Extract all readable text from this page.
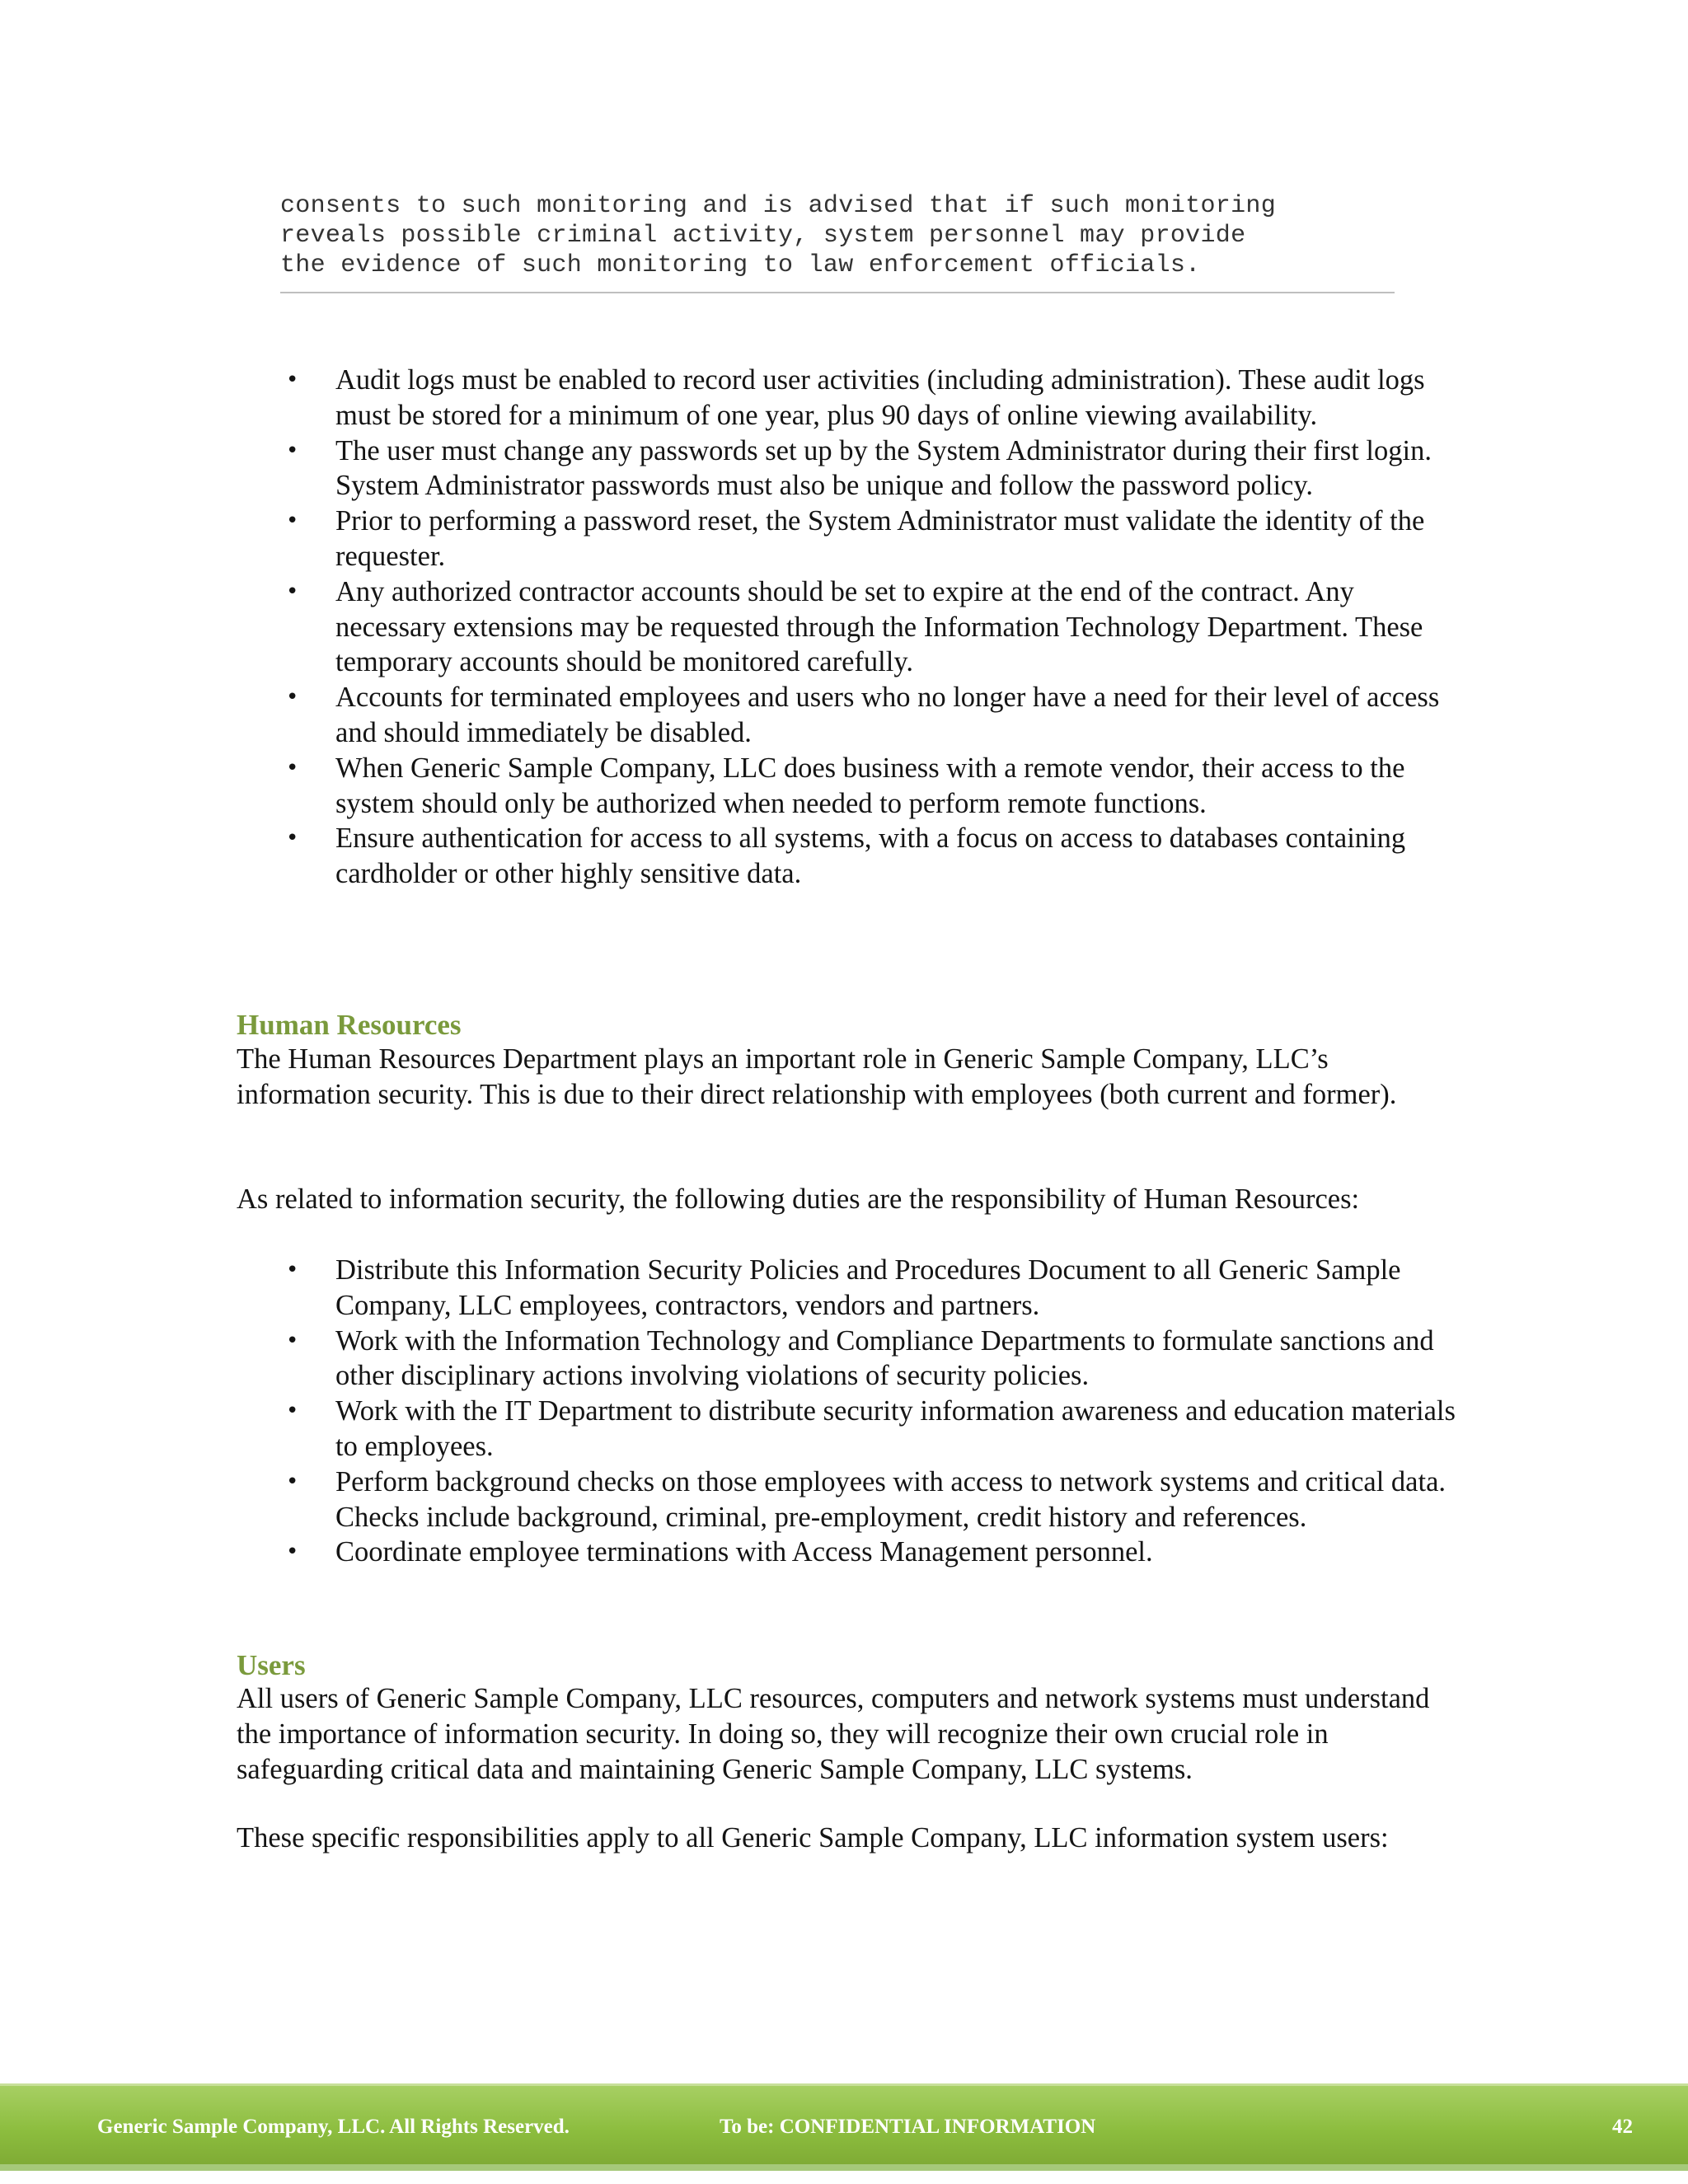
consents to such monitoring and is advised that if such monitoring
reveals possible criminal activity, system personnel may provide
the evidence of such monitoring to law enforcement officials.
• Audit logs must be enabled to record user activities (including administration). These audit logs must be stored for a minimum of one year, plus 90 days of online viewing availability.
• The user must change any passwords set up by the System Administrator during their first login. System Administrator passwords must also be unique and follow the password policy.
• Prior to performing a password reset, the System Administrator must validate the identity of the requester.
• Any authorized contractor accounts should be set to expire at the end of the contract. Any necessary extensions may be requested through the Information Technology Department. These temporary accounts should be monitored carefully.
• Accounts for terminated employees and users who no longer have a need for their level of access and should immediately be disabled.
• When Generic Sample Company, LLC does business with a remote vendor, their access to the system should only be authorized when needed to perform remote functions.
• Ensure authentication for access to all systems, with a focus on access to databases containing cardholder or other highly sensitive data.
Human Resources

The Human Resources Department plays an important role in Generic Sample Company, LLC’s information security. This is due to their direct relationship with employees (both current and former).

As related to information security, the following duties are the responsibility of Human Resources:

• Distribute this Information Security Policies and Procedures Document to all Generic Sample Company, LLC employees, contractors, vendors and partners.
• Work with the Information Technology and Compliance Departments to formulate sanctions and other disciplinary actions involving violations of security policies.
• Work with the IT Department to distribute security information awareness and education materials to employees.
• Perform background checks on those employees with access to network systems and critical data. Checks include background, criminal, pre-employment, credit history and references.
• Coordinate employee terminations with Access Management personnel.
Users

All users of Generic Sample Company, LLC resources, computers and network systems must understand the importance of information security. In doing so, they will recognize their own crucial role in safeguarding critical data and maintaining Generic Sample Company, LLC systems.

These specific responsibilities apply to all Generic Sample Company, LLC information system users:

Generic Sample Company, LLC. All Rights Reserved.	To be: CONFIDENTIAL INFORMATION	42
